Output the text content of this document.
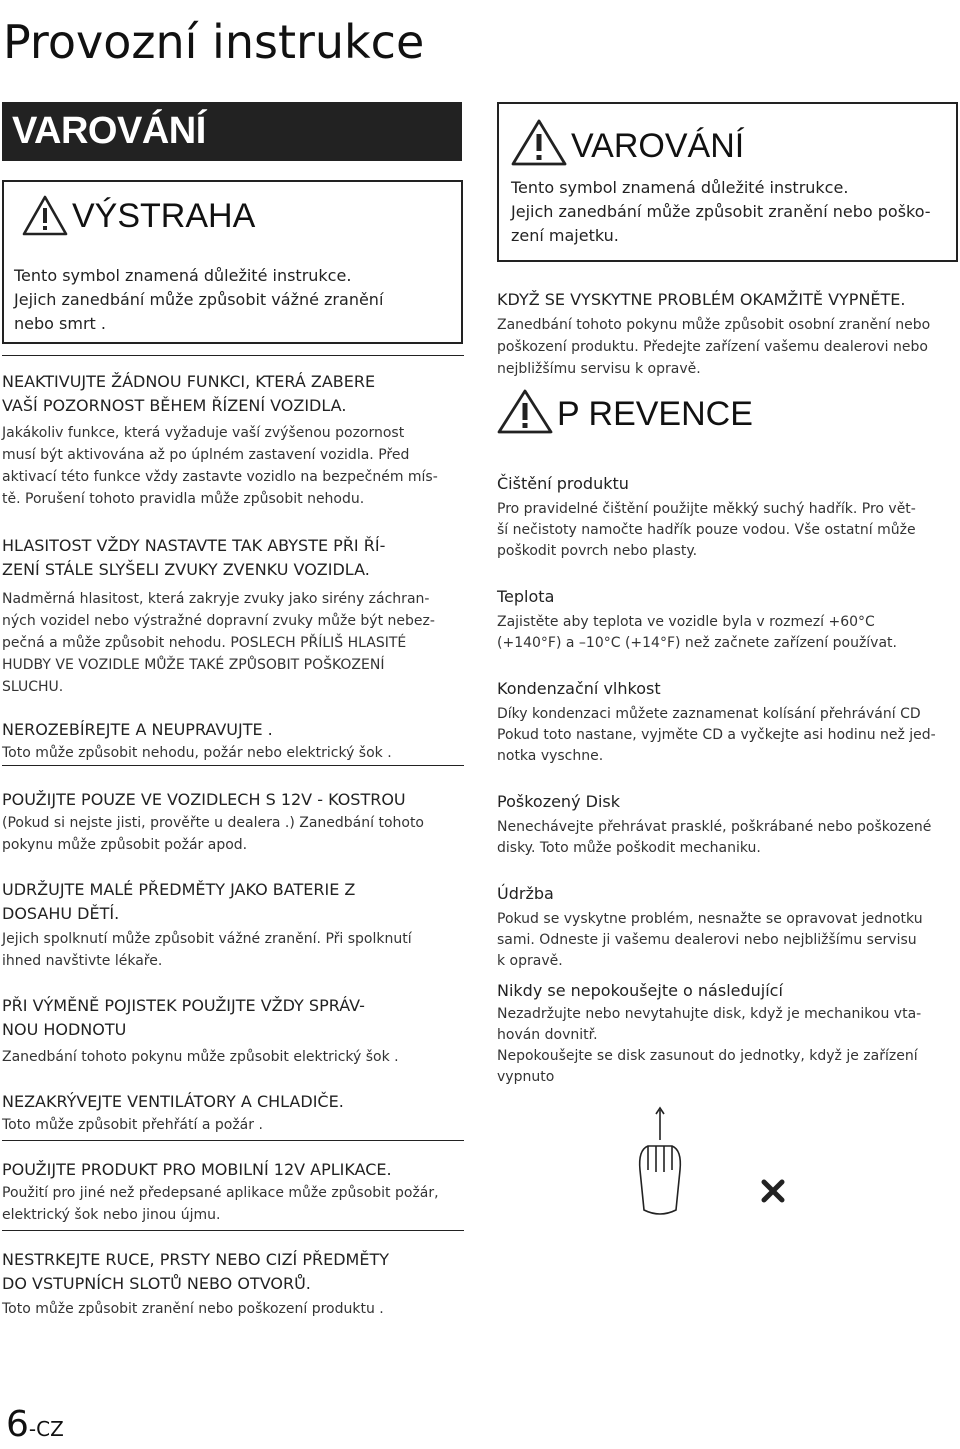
Provozní instrukce
VAROVÁNÍ
VÝSTRAHA
Tento symbol znamená důležité instrukce.
Jejich zanedbání může způsobit vážné zranění
nebo smrt .
NEAKTIVUJTE ŽÁDNOU FUNKCI, KTERÁ ZABERE
VAŠÍ POZORNOST BĚHEM ŘÍZENÍ VOZIDLA.
Jakákoliv funkce, která vyžaduje vaší zvýšenou pozornost
musí být aktivována až po úplném zastavení vozidla. Před
aktivací této funkce vždy zastavte vozidlo na bezpečném mís-
tě. Porušení tohoto pravidla může způsobit nehodu.
HLASITOST VŽDY NASTAVTE TAK ABYSTE PŘI ŘÍ-
ZENÍ STÁLE SLYŠELI ZVUKY ZVENKU VOZIDLA.
Nadměrná hlasitost, která zakryje zvuky jako sirény záchran-
ných vozidel nebo výstražné dopravní zvuky může být nebez-
pečná a může způsobit nehodu. POSLECH PŘÍLIŠ HLASITÉ
HUDBY VE VOZIDLE MŮŽE TAKÉ ZPŮSOBIT POŠKOZENÍ
SLUCHU.
NEROZEBÍREJTE A NEUPRAVUJTE .
Toto může způsobit nehodu, požár nebo elektrický šok .
POUŽIJTE POUZE VE VOZIDLECH S 12V - KOSTROU
(Pokud si nejste jisti, prověřte u dealera .) Zanedbání tohoto
pokynu může způsobit požár apod.
UDRŽUJTE MALÉ PŘEDMĚTY JAKO BATERIE Z
DOSAHU DĚTÍ.
Jejich spolknutí může způsobit vážné zranění. Při spolknutí
ihned navštivte lékaře.
PŘI VÝMĚNĚ POJISTEK POUŽIJTE VŽDY SPRÁV-
NOU HODNOTU
Zanedbání tohoto pokynu může způsobit elektrický šok .
NEZAKRÝVEJTE VENTILÁTORY A CHLADIČE.
Toto může způsobit přehřátí a požár .
POUŽIJTE PRODUKT PRO MOBILNÍ 12V APLIKACE.
Použití pro jiné než předepsané aplikace může způsobit požár,
elektrický šok nebo jinou újmu.
NESTRKEJTE RUCE, PRSTY NEBO CIZÍ PŘEDMĚTY
DO VSTUPNÍCH SLOTŮ NEBO OTVORŮ.
Toto může způsobit zranění nebo poškození produktu .
VAROVÁNÍ
Tento symbol znamená důležité instrukce.
Jejich zanedbání může způsobit zranění nebo poško-
zení majetku.
KDYŽ SE VYSKYTNE PROBLÉM OKAMŽITĚ VYPNĚTE.
Zanedbání tohoto pokynu může způsobit osobní zranění nebo
poškození produktu. Předejte zařízení vašemu dealerovi nebo
nejbližšímu servisu k opravě.
P REVENCE
Čištění produktu
Pro pravidelné čištění použijte měkký suchý hadřík. Pro vět-
ší nečistoty namočte hadřík pouze vodou. Vše ostatní může
poškodit povrch nebo plasty.
Teplota
Zajistěte aby teplota ve vozidle byla v rozmezí +60°C
(+140°F) a –10°C (+14°F) než začnete zařízení používat.
Kondenzační vlhkost
Díky kondenzaci můžete zaznamenat kolísání přehrávání CD
Pokud toto nastane, vyjměte CD a vyčkejte asi hodinu než jed-
notka vyschne.
Poškozený Disk
Nenechávejte přehrávat prasklé, poškrábané nebo poškozené
disky. Toto může poškodit mechaniku.
Údržba
Pokud se vyskytne problém, nesnažte se opravovat jednotku
sami. Odneste ji vašemu dealerovi nebo nejbližšímu servisu
k opravě.
Nikdy se nepokoušejte o následující
Nezadržujte nebo nevytahujte disk, když je mechanikou vta-
hován dovnitř.
Nepokoušejte se disk zasunout do jednotky, když je zařízení
vypnuto
6-CZ
